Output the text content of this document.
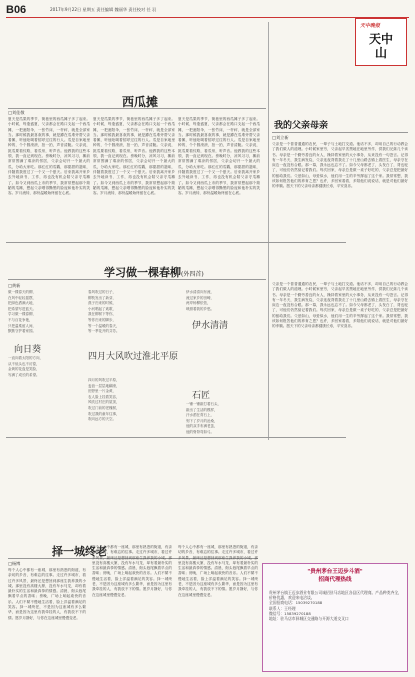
B06	2017年9月22日 星期五 责任编辑 魏丽华 责任校对 任 羽
天中晚报
天中山
西瓜摊
□刘佳敬
夏天是瓜果的季节，街巷里的西瓜摊子多了起来。小时候，每逢盛夏，父亲都会在路口支起一个西瓜摊，一把遮阳伞，一张竹床，一杆秤，就是全部家当。那时候我最喜欢的事，就是蹲在瓜堆旁帮父亲看摊，听他吆喝着招呼过往的行人。瓜是自家地里种的，个个圆滚滚，拍一拍，声音清脆。父亲说，挑瓜要看纹路，看瓜蒂，听声音。他教我的这些本领，我一直记到现在。傍晚时分，凉风习习，摊前常常围满了乘凉的邻居，父亲会切开一个最大的瓜，分给大家吃。那红红的瓜瓤，那甜甜的滋味，伴随着我度过了一个又一个夏天。后来我离开家乡去外地读书、工作，再也没有机会陪父亲守瓜摊了。如今又到西瓜上市的季节，我常常想起那个简陋的瓜摊，想起父亲晒得黝黑的脸庞和他朴实的笑容。岁月流转，那份温暖始终留在心底。
夏天是瓜果的季节，街巷里的西瓜摊子多了起来。小时候，每逢盛夏，父亲都会在路口支起一个西瓜摊，一把遮阳伞，一张竹床，一杆秤，就是全部家当。那时候我最喜欢的事，就是蹲在瓜堆旁帮父亲看摊，听他吆喝着招呼过往的行人。瓜是自家地里种的，个个圆滚滚，拍一拍，声音清脆。父亲说，挑瓜要看纹路，看瓜蒂，听声音。他教我的这些本领，我一直记到现在。傍晚时分，凉风习习，摊前常常围满了乘凉的邻居，父亲会切开一个最大的瓜，分给大家吃。那红红的瓜瓤，那甜甜的滋味，伴随着我度过了一个又一个夏天。后来我离开家乡去外地读书、工作，再也没有机会陪父亲守瓜摊了。如今又到西瓜上市的季节，我常常想起那个简陋的瓜摊，想起父亲晒得黝黑的脸庞和他朴实的笑容。岁月流转，那份温暖始终留在心底。
夏天是瓜果的季节，街巷里的西瓜摊子多了起来。小时候，每逢盛夏，父亲都会在路口支起一个西瓜摊，一把遮阳伞，一张竹床，一杆秤，就是全部家当。那时候我最喜欢的事，就是蹲在瓜堆旁帮父亲看摊，听他吆喝着招呼过往的行人。瓜是自家地里种的，个个圆滚滚，拍一拍，声音清脆。父亲说，挑瓜要看纹路，看瓜蒂，听声音。他教我的这些本领，我一直记到现在。傍晚时分，凉风习习，摊前常常围满了乘凉的邻居，父亲会切开一个最大的瓜，分给大家吃。那红红的瓜瓤，那甜甜的滋味，伴随着我度过了一个又一个夏天。后来我离开家乡去外地读书、工作，再也没有机会陪父亲守瓜摊了。如今又到西瓜上市的季节，我常常想起那个简陋的瓜摊，想起父亲晒得黝黑的脸庞和他朴实的笑容。岁月流转，那份温暖始终留在心底。
我的父亲母亲
□刘立新
父亲是一个普普通通的农民，一辈子与土地打交道。他话不多，却用自己的行动教会了我们做人的道理。小时候家里穷，父亲起早贪黑地在地里劳作，供我们兄妹几个读书。母亲是一个勤劳善良的女人，操持着家里的大小事务，从来没有一句怨言。记得有一年冬天，我生病发烧，父亲连夜背着我走了十几里山路去镇上看医生，母亲守在床边一夜没有合眼。那一幕，我永远也忘不了。如今父母都老了，头发白了，背也驼了，可他们仍然惦记着我们。每次回家，母亲总是做一桌子好吃的，父亲总是把最好的留给我们。父爱如山，母爱似水，他们用一生的辛劳撑起了这个家。我常常想，我该如何报答他们的养育之恩？也许，多回家看看，多陪他们说说话，就是对他们最好的孝顺。愿天下的父亲母亲都健康长寿，平安喜乐。
父亲是一个普普通通的农民，一辈子与土地打交道。他话不多，却用自己的行动教会了我们做人的道理。小时候家里穷，父亲起早贪黑地在地里劳作，供我们兄妹几个读书。母亲是一个勤劳善良的女人，操持着家里的大小事务，从来没有一句怨言。记得有一年冬天，我生病发烧，父亲连夜背着我走了十几里山路去镇上看医生，母亲守在床边一夜没有合眼。那一幕，我永远也忘不了。如今父母都老了，头发白了，背也驼了，可他们仍然惦记着我们。每次回家，母亲总是做一桌子好吃的，父亲总是把最好的留给我们。父爱如山，母爱似水，他们用一生的辛劳撑起了这个家。我常常想，我该如何报答他们的养育之恩？也许，多回家看看，多陪他们说说话，就是对他们最好的孝顺。愿天下的父亲母亲都健康长寿，平安喜乐。
学习做一棵春柳(外四首)
□黄新
做一棵春天的柳，
在风中轻轻摇摆，
把绿色洒满大地，
把希望写进蓝天。
学习做一棵春柳，
不与百花争艳，
只把温柔留人间，
默默守护着家园。
向日葵
一直向着太阳的方向，
从不低头也不彷徨，
金黄的花盘是笑脸，
写满了成长的希望。
春风吹过的日子，
柳枝发出了新芽，
燕子归来的时候，
小河唱起了欢歌，
我在柳树下等你，
等你归来的脚步，
等一个温暖的春天，
等一季花开的芬芳。
四月大风吹过淮北平原
四月的风吹过平原，
麦浪一层层地翻滚，
田野里一片金黄，
农人脸上挂着笑容，
风吹过村庄的屋顶，
吹过门前的老槐树，
吹过我的童年往事，
吹向远方的天空。
伊水清清向东流，
流过家乡的田畴，
两岸杨柳依依，
映照着我的乡愁。
伊水清清
石匠
一锤一锤敲打着石头，
敲出了生活的模样，
汗水洒在青石上，
刻下了岁月的沧桑，
他的双手布满老茧，
他的脊背弯如弓。
择一城终老
□杨博
每个人心中都有一座城，那里有熟悉的街道，有亲切的乡音，有难忘的往事。走过许多城市，看过许多风景，最终还是想回到那座生我养我的小城。那里没有高楼大厦，没有车水马龙，却有着最朴实的生活和最真挚的情感。清晨，街头巷尾飘着早点的香味；傍晚，广场上响起欢快的音乐。人们不紧不慢地生活着，脸上洋溢着满足的笑容。择一城终老，不是因为这座城有多么繁华，而是因为这里有我牵挂的人，有我放不下的情。愿岁月静好，与你在这座城里慢慢变老。
每个人心中都有一座城，那里有熟悉的街道，有亲切的乡音，有难忘的往事。走过许多城市，看过许多风景，最终还是想回到那座生我养我的小城。那里没有高楼大厦，没有车水马龙，却有着最朴实的生活和最真挚的情感。清晨，街头巷尾飘着早点的香味；傍晚，广场上响起欢快的音乐。人们不紧不慢地生活着，脸上洋溢着满足的笑容。择一城终老，不是因为这座城有多么繁华，而是因为这里有我牵挂的人，有我放不下的情。愿岁月静好，与你在这座城里慢慢变老。
每个人心中都有一座城，那里有熟悉的街道，有亲切的乡音，有难忘的往事。走过许多城市，看过许多风景，最终还是想回到那座生我养我的小城。那里没有高楼大厦，没有车水马龙，却有着最朴实的生活和最真挚的情感。清晨，街头巷尾飘着早点的香味；傍晚，广场上响起欢快的音乐。人们不紧不慢地生活着，脸上洋溢着满足的笑容。择一城终老，不是因为这座城有多么繁华，而是因为这里有我牵挂的人，有我放不下的情。愿岁月静好，与你在这座城里慢慢变老。
"贵州茅台王迈步斗酒"
招商代理热线
贵州茅台镇王迈步酒业有限公司诚招驻马店地区各县区代理商。产品种类齐全，价格优惠，欢迎来电洽谈。
全国招商电话：15039270188
联系人：王经理
微信号：15839270188
地址：驻马店市驿城区交通路与开源大道交叉口
